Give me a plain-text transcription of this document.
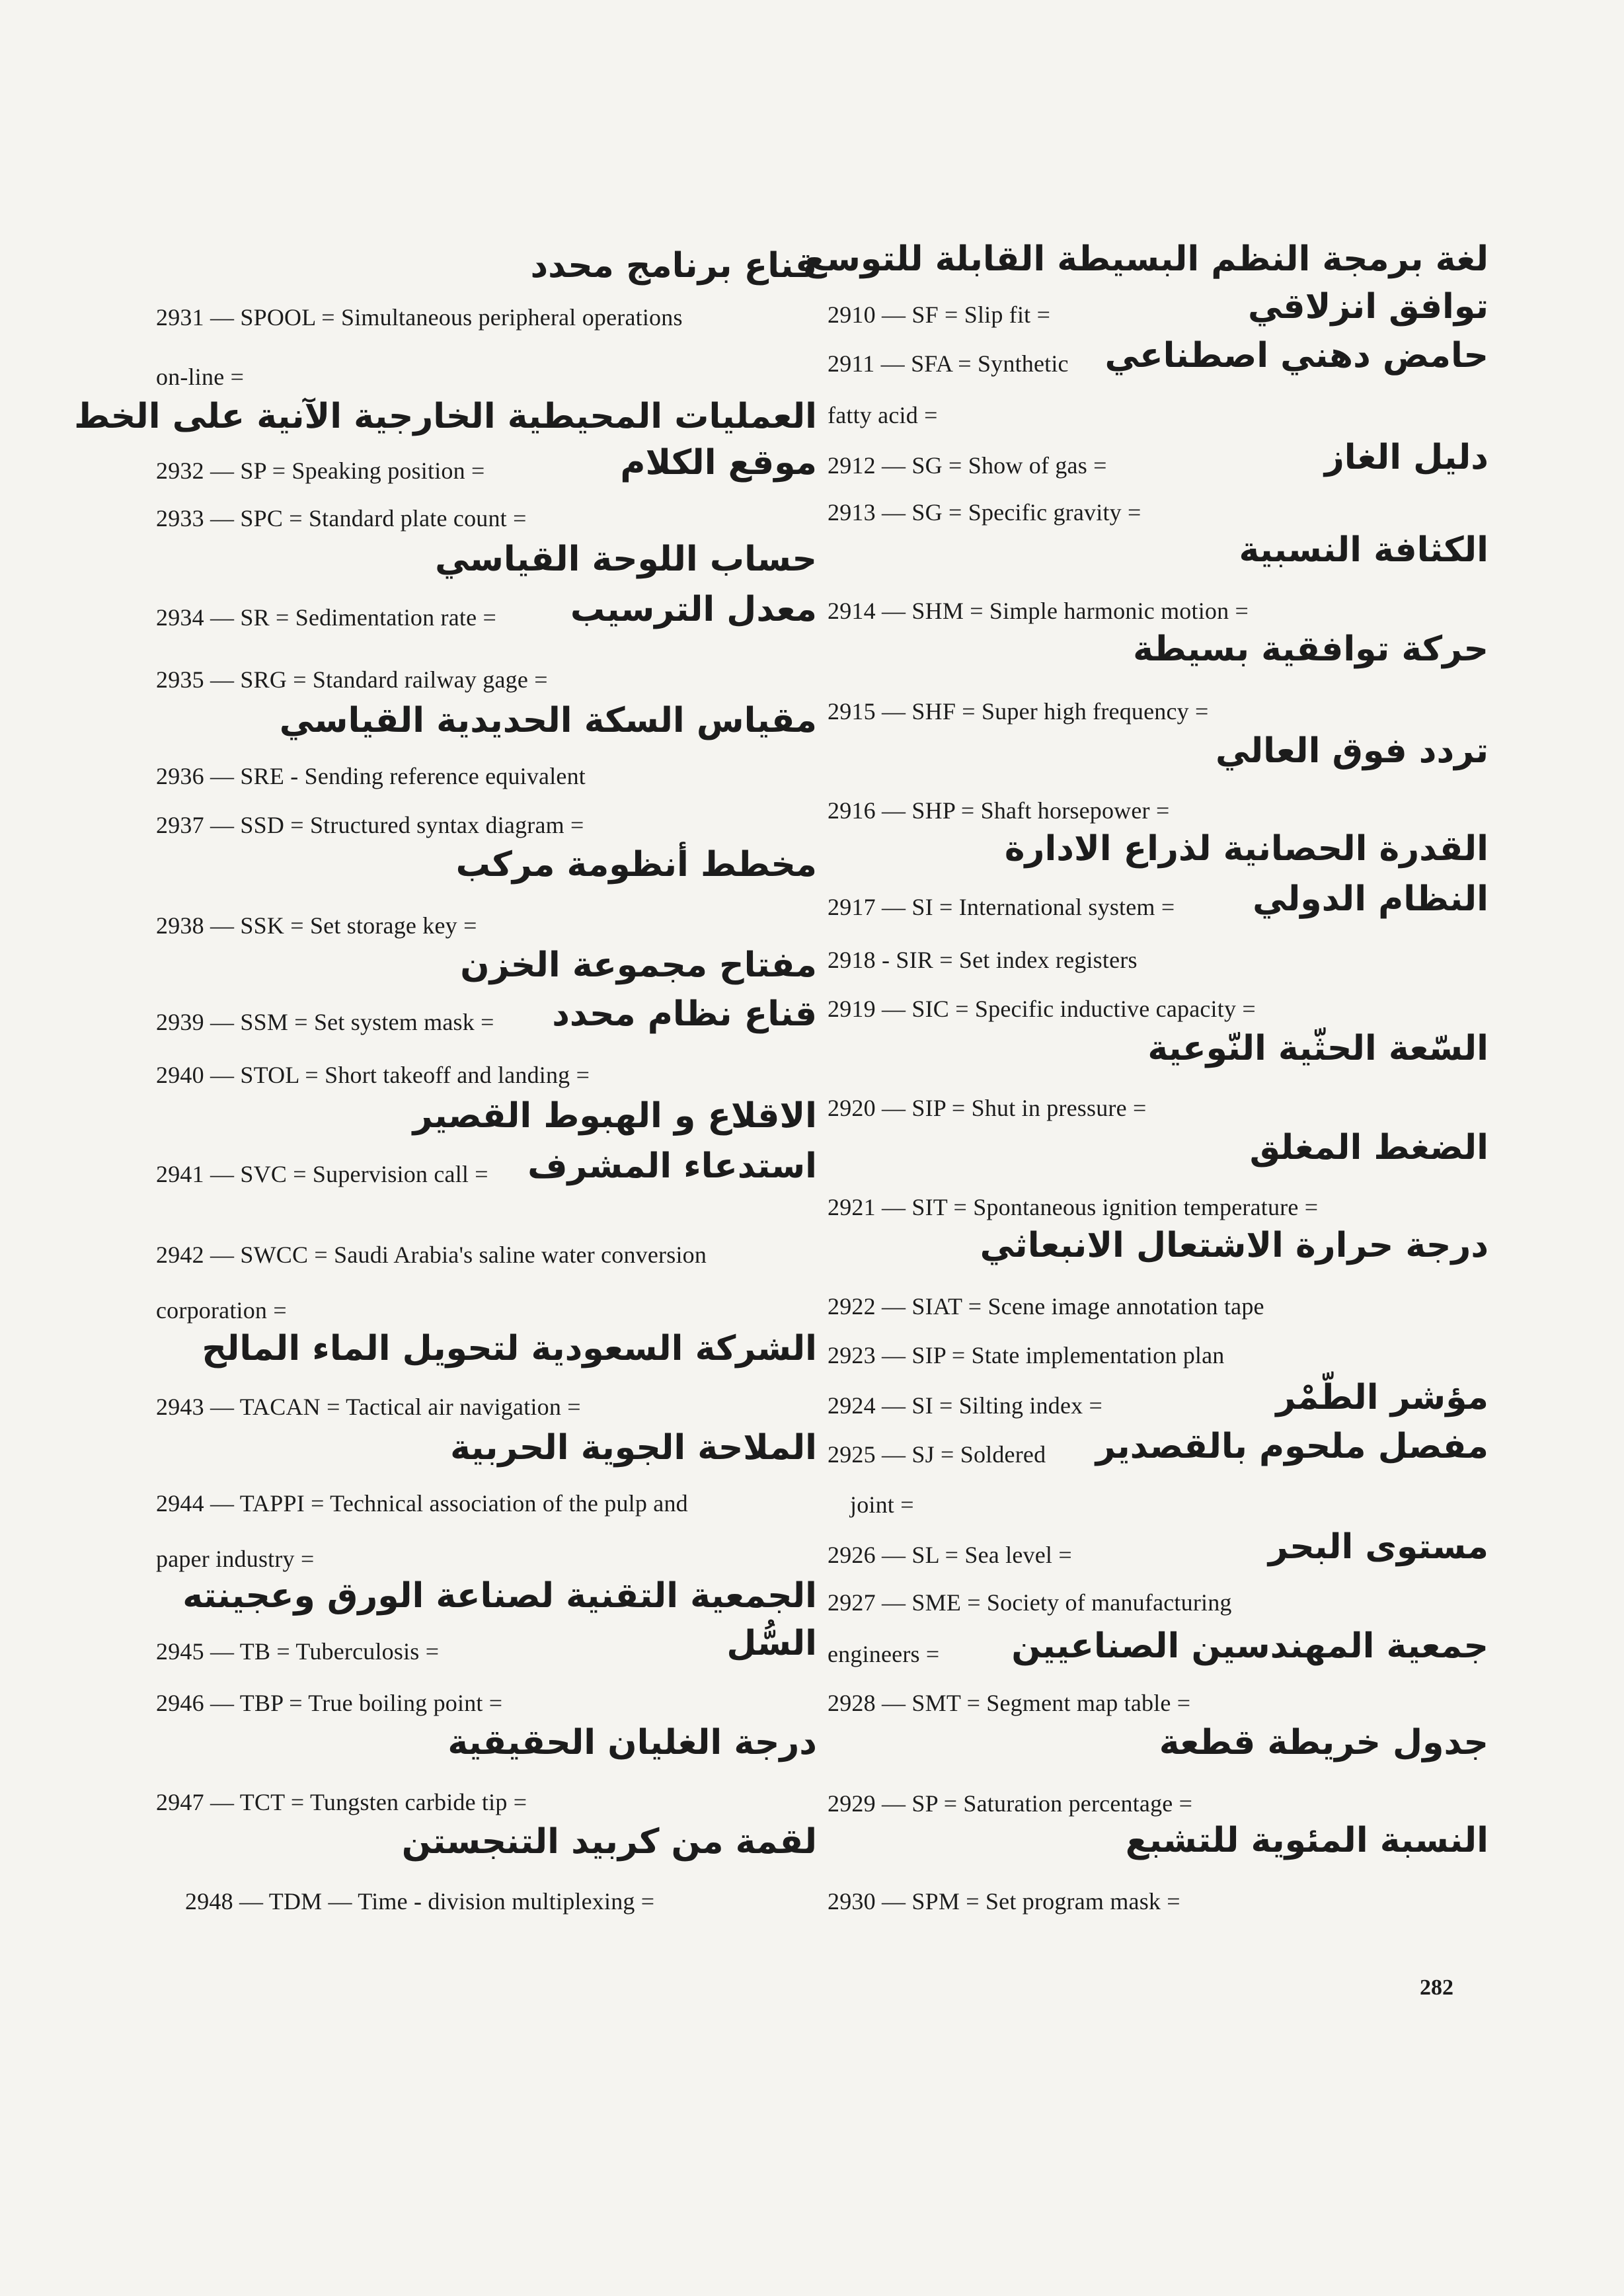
لغة برمجة النظم البسيطة القابلة للتوسع
2910 — SF = Slip fit =	توافق انزلاقي
2911 — SFA = Synthetic حامض دهني اصطناعي
fatty acid =
2912 — SG = Show of gas =	دليل الغاز
2913 — SG = Specific gravity =
الكثافة النسبية
2914 — SHM = Simple harmonic motion =
حركة توافقية بسيطة
2915 — SHF = Super high frequency =
تردد فوق العالي
2916 — SHP = Shaft horsepower =
القدرة الحصانية لذراع الادارة
2917 — SI = International system = النظام الدولي
2918 - SIR = Set index registers
2919 — SIC = Specific inductive capacity =
السّعة الحثّية النّوعية
2920 — SIP = Shut in pressure =
الضغط المغلق
2921 — SIT = Spontaneous ignition temperature =
درجة حرارة الاشتعال الانبعاثي
2922 — SIAT = Scene image annotation tape
2923 — SIP = State implementation plan
2924 — SI = Silting index =	مؤشر الطّمْر
2925 — SJ = Soldered مفصل ملحوم بالقصدير
joint =
2926 — SL = Sea level =	مستوى البحر
2927 — SME = Society of manufacturing
engineers = جمعية المهندسين الصناعيين
2928 — SMT = Segment map table =
جدول خريطة قطعة
2929 — SP = Saturation percentage =
النسبة المئوية للتشبع
2930 — SPM = Set program mask =
قناع برنامج محدد
2931 — SPOOL = Simultaneous peripheral operations
on-line =
العمليات المحيطية الخارجية الآنية على الخط
2932 — SP = Speaking position =	موقع الكلام
2933 — SPC = Standard plate count =
حساب اللوحة القياسي
2934 — SR = Sedimentation rate = معدل الترسيب
2935 — SRG = Standard railway gage =
مقياس السكة الحديدية القياسي
2936 — SRE - Sending reference equivalent
2937 — SSD = Structured syntax diagram =
مخطط أنظومة مركب
2938 — SSK = Set storage key =
مفتاح مجموعة الخزن
2939 — SSM = Set system mask = قناع نظام محدد
2940 — STOL = Short takeoff and landing =
الاقلاع و الهبوط القصير
2941 — SVC = Supervision call = استدعاء المشرف
2942 — SWCC = Saudi Arabia's saline water conversion
corporation =
الشركة السعودية لتحويل الماء المالح
2943 — TACAN = Tactical air navigation =
الملاحة الجوية الحربية
2944 — TAPPI = Technical association of the pulp and
paper industry =
الجمعية التقنية لصناعة الورق وعجينته
2945 — TB = Tuberculosis =	السُّل
2946 — TBP = True boiling point =
درجة الغليان الحقيقية
2947 — TCT = Tungsten carbide tip =
لقمة من كربيد التنجستن
2948 — TDM — Time - division multiplexing =
282
